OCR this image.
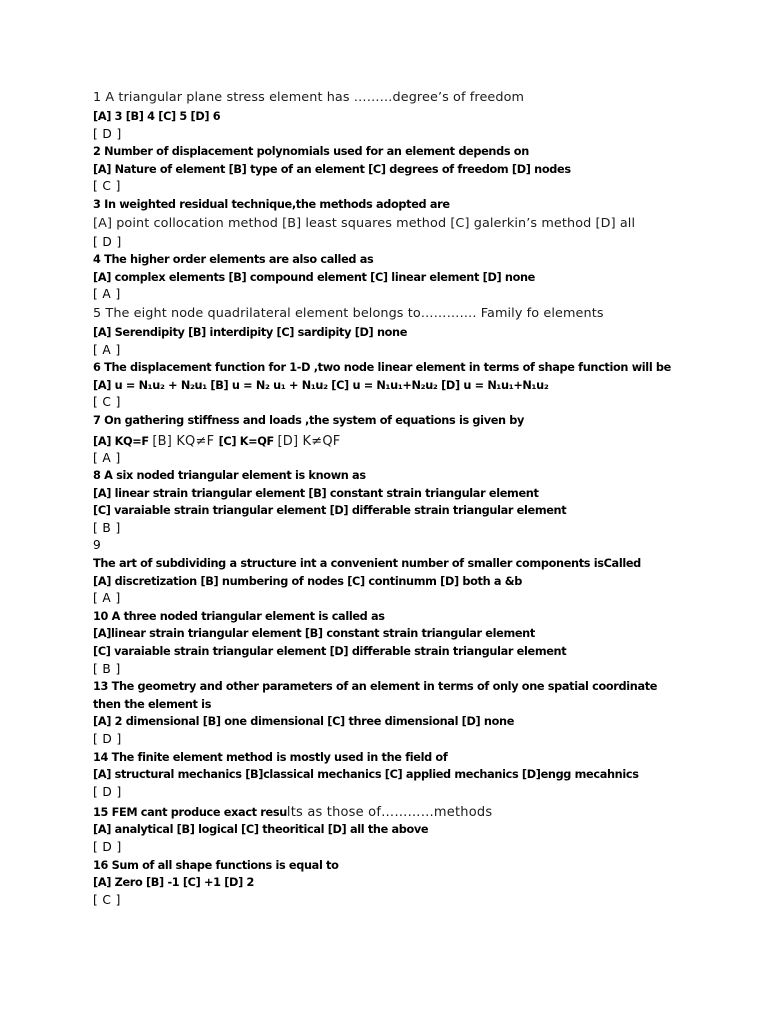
1 A triangular plane stress element has ………degree’s of freedom
[A] 3 [B] 4 [C] 5 [D] 6
[ D ]
2 Number of displacement polynomials used for an element depends on
[A] Nature of element [B] type of an element [C] degrees of freedom [D] nodes
[ C ]
3 In weighted residual technique,the methods adopted are
[A] point collocation method [B] least squares method [C] galerkin’s method [D] all
[ D ]
4 The higher order elements are also called as
[A] complex elements [B] compound element [C] linear element [D] none
[ A ]
5 The eight node quadrilateral element belongs to…………. Family fo elements
[A] Serendipity [B] interdipity [C] sardipity [D] none
[ A ]
6 The displacement function for 1-D ,two node linear element in terms of shape function will be
[A] u = N₁u₂ + N₂u₁ [B] u = N₂ u₁ + N₁u₂ [C] u = N₁u₁+N₂u₂ [D] u = N₁u₁+N₁u₂
[ C ]
7 On gathering stiffness and loads ,the system of equations is given by
[A] KQ=F [B] KQ≠F [C] K=QF [D] K≠QF
[ A ]
8 A six noded triangular element is known as
[A] linear strain triangular element [B] constant strain triangular element
[C] varaiable strain triangular element [D] differable strain triangular element
[ B ]
9
The art of subdividing a structure int a convenient number of smaller components isCalled
[A] discretization [B] numbering of nodes [C] continumm [D] both a &b
[ A ]
10 A three noded triangular element is called as
[A]linear strain triangular element [B] constant strain triangular element
[C] varaiable strain triangular element [D] differable strain triangular element
[ B ]
13 The geometry and other parameters of an element in terms of only one spatial coordinate
then the element is
[A] 2 dimensional [B] one dimensional [C] three dimensional [D] none
[ D ]
14 The finite element method is mostly used in the field of
[A] structural mechanics [B]classical mechanics [C] applied mechanics [D]engg mecahnics
[ D ]
15 FEM cant produce exact results as those of…………methods
[A] analytical [B] logical [C] theoritical [D] all the above
[ D ]
16 Sum of all shape functions is equal to
[A] Zero [B] -1 [C] +1 [D] 2
[ C ]
